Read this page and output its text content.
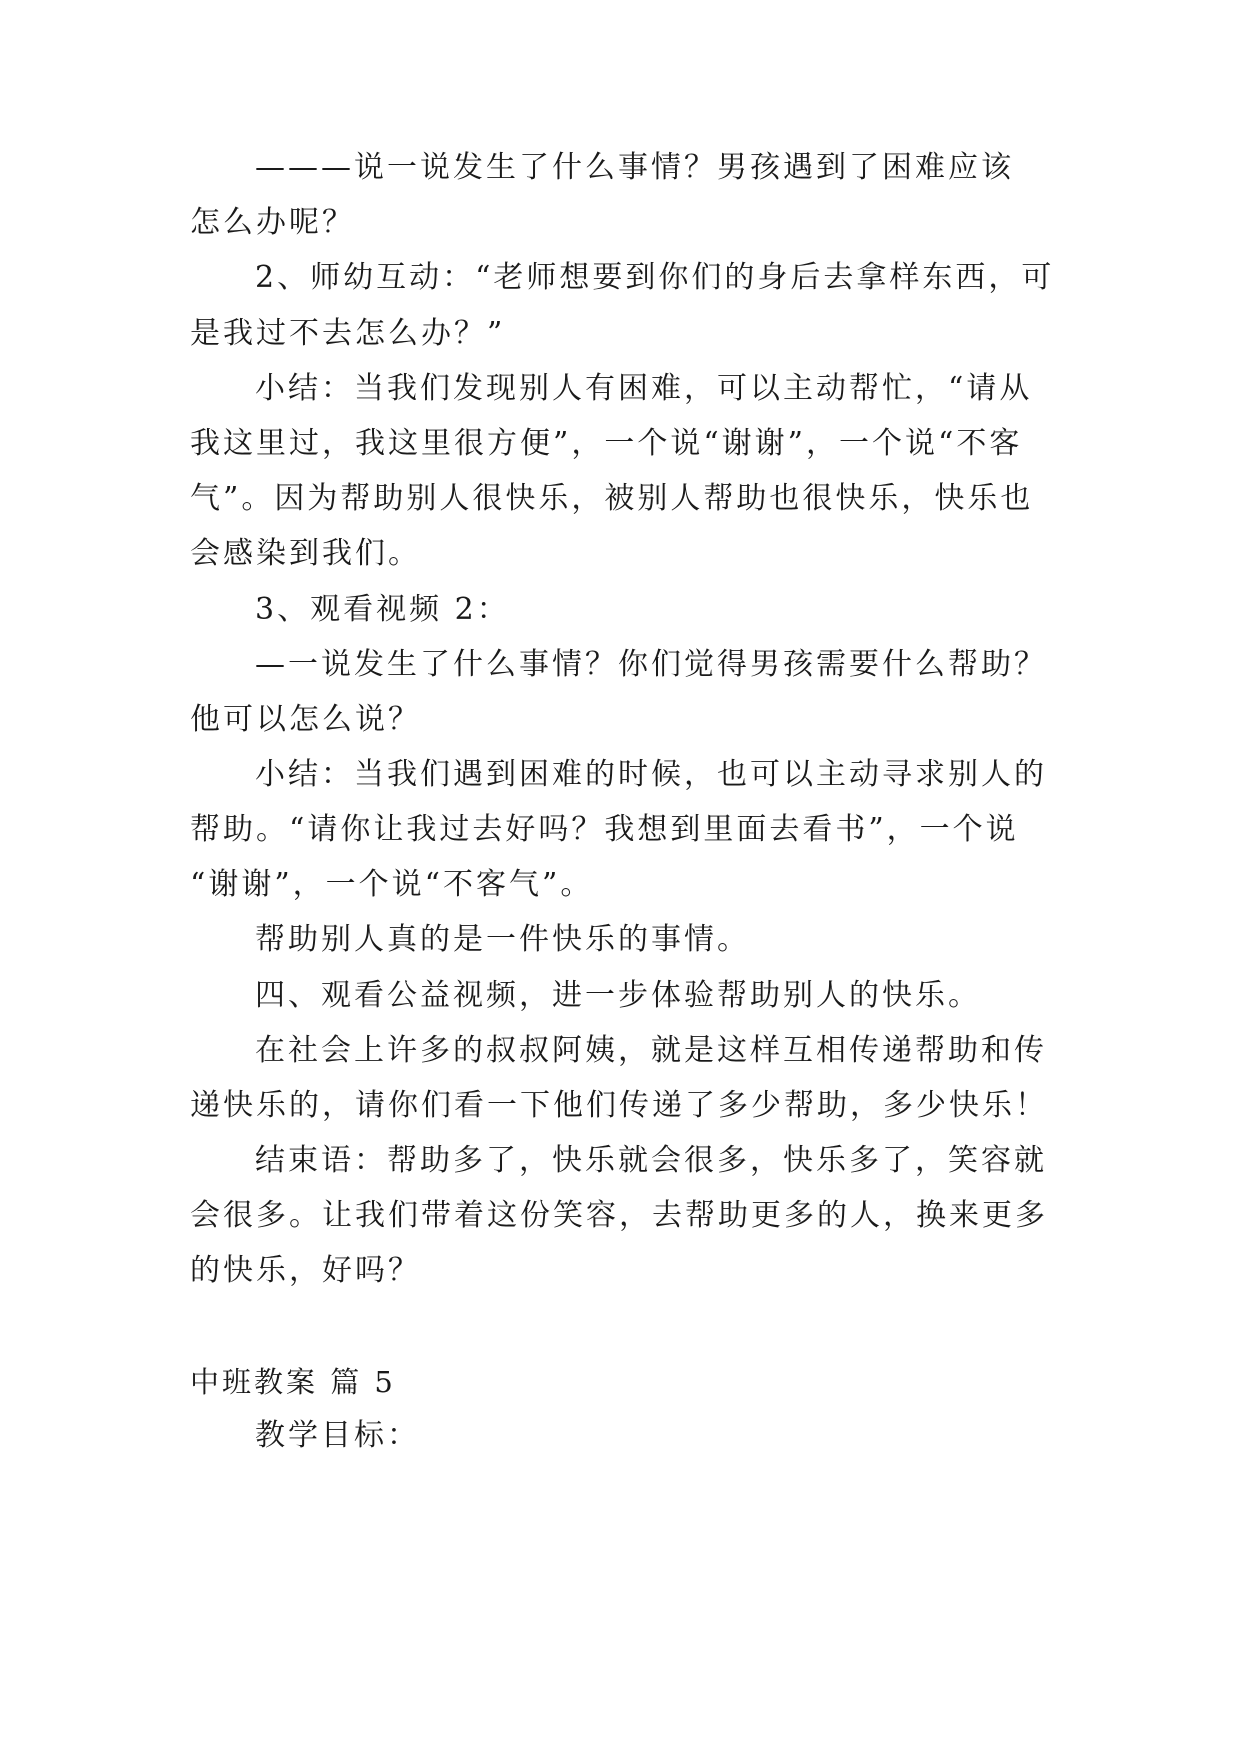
———说一说发生了什么事情？男孩遇到了困难应该
怎么办呢？
2、师幼互动：“老师想要到你们的身后去拿样东西，可
是我过不去怎么办？”
小结：当我们发现别人有困难，可以主动帮忙，“请从
我这里过，我这里很方便”，一个说“谢谢”，一个说“不客
气”。因为帮助别人很快乐，被别人帮助也很快乐，快乐也
会感染到我们。
3、观看视频 2：
—一说发生了什么事情？你们觉得男孩需要什么帮助？
他可以怎么说？
小结：当我们遇到困难的时候，也可以主动寻求别人的
帮助。“请你让我过去好吗？我想到里面去看书”，一个说
“谢谢”，一个说“不客气”。
帮助别人真的是一件快乐的事情。
四、观看公益视频，进一步体验帮助别人的快乐。
在社会上许多的叔叔阿姨，就是这样互相传递帮助和传
递快乐的，请你们看一下他们传递了多少帮助，多少快乐！
结束语：帮助多了，快乐就会很多，快乐多了，笑容就
会很多。让我们带着这份笑容，去帮助更多的人，换来更多
的快乐，好吗？
中班教案 篇 5
教学目标：
